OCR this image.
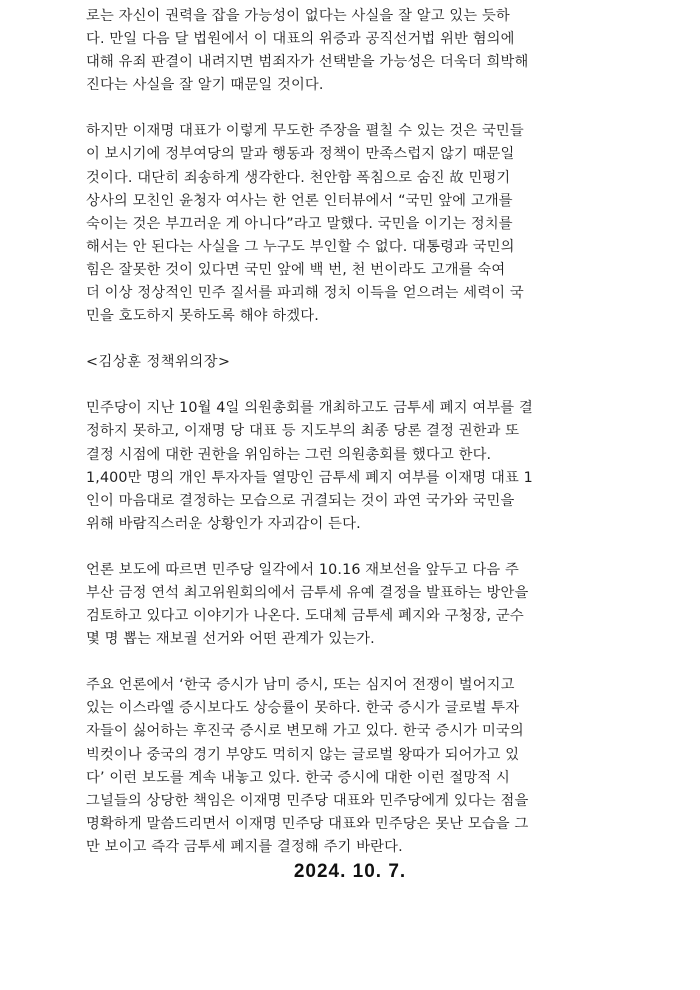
로는 자신이 권력을 잡을 가능성이 없다는 사실을 잘 알고 있는 듯하
다. 만일 다음 달 법원에서 이 대표의 위증과 공직선거법 위반 혐의에
대해 유죄 판결이 내려지면 범죄자가 선택받을 가능성은 더욱더 희박해
진다는 사실을 잘 알기 때문일 것이다.
하지만 이재명 대표가 이렇게 무도한 주장을 펼칠 수 있는 것은 국민들
이 보시기에 정부여당의 말과 행동과 정책이 만족스럽지 않기 때문일
것이다. 대단히 죄송하게 생각한다. 천안함 폭침으로 숨진 故 민평기
상사의 모친인 윤청자 여사는 한 언론 인터뷰에서 “국민 앞에 고개를
숙이는 것은 부끄러운 게 아니다”라고 말했다. 국민을 이기는 정치를
해서는 안 된다는 사실을 그 누구도 부인할 수 없다. 대통령과 국민의
힘은 잘못한 것이 있다면 국민 앞에 백 번, 천 번이라도 고개를 숙여
더 이상 정상적인 민주 질서를 파괴해 정치 이득을 얻으려는 세력이 국
민을 호도하지 못하도록 해야 하겠다.
<김상훈 정책위의장>
민주당이 지난 10월 4일 의원총회를 개최하고도 금투세 폐지 여부를 결
정하지 못하고, 이재명 당 대표 등 지도부의 최종 당론 결정 권한과 또
결정 시점에 대한 권한을 위임하는 그런 의원총회를 했다고 한다.
1,400만 명의 개인 투자자들 열망인 금투세 폐지 여부를 이재명 대표 1
인이 마음대로 결정하는 모습으로 귀결되는 것이 과연 국가와 국민을
위해 바람직스러운 상황인가 자괴감이 든다.
언론 보도에 따르면 민주당 일각에서 10.16 재보선을 앞두고 다음 주
부산 금정 연석 최고위원회의에서 금투세 유예 결정을 발표하는 방안을
검토하고 있다고 이야기가 나온다. 도대체 금투세 폐지와 구청장, 군수
몇 명 뽑는 재보궐 선거와 어떤 관계가 있는가.
주요 언론에서 ‘한국 증시가 남미 증시, 또는 심지어 전쟁이 벌어지고
있는 이스라엘 증시보다도 상승률이 못하다. 한국 증시가 글로벌 투자
자들이 싫어하는 후진국 증시로 변모해 가고 있다. 한국 증시가 미국의
빅컷이나 중국의 경기 부양도 먹히지 않는 글로벌 왕따가 되어가고 있
다’ 이런 보도를 계속 내놓고 있다. 한국 증시에 대한 이런 절망적 시
그널들의 상당한 책임은 이재명 민주당 대표와 민주당에게 있다는 점을
명확하게 말씀드리면서 이재명 민주당 대표와 민주당은 못난 모습을 그
만 보이고 즉각 금투세 폐지를 결정해 주기 바란다.
2024. 10. 7.
